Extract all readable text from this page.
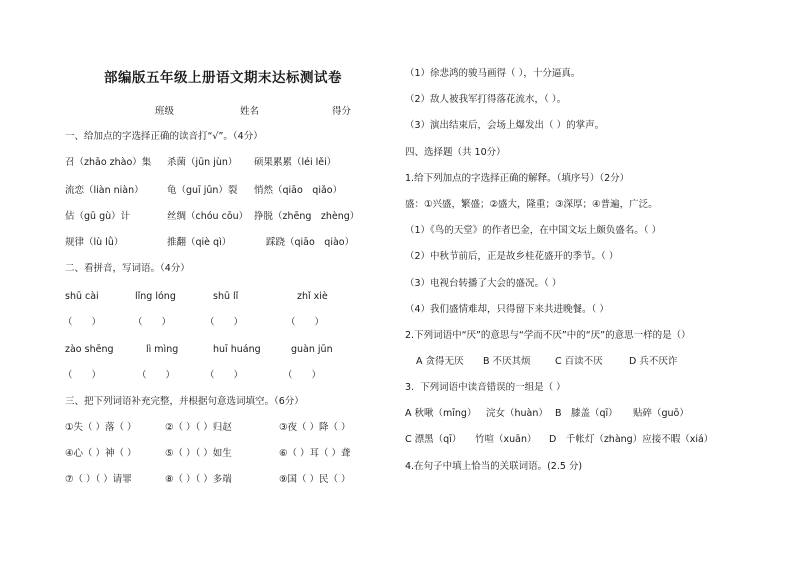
部编版五年级上册语文期末达标测试卷
班级	姓名	得分
一、给加点的字选择正确的读音打“√”。（4分）
召（zhāo zhào）集 杀菌（jūn jùn） 硕果累累（léi lěi）
流恋（liàn niàn） 龟（guī jūn）裂 悄然（qiāo　qiǎo）
估（gū gù）计	丝绸（chóu cōu） 挣脱（zhēng　zhèng）
规律（lù lǜ）	推翻（qiè qì）	踩跷（qiāo　qiào）
二、看拼音，写词语。（4分）
shū cài	lǐng lóng	shū lǐ	zhǐ xiè
（　　）	（　　）	（　　）	（　　）
zào shēng	lì mìng	huī huáng	guàn jūn
（　　）	（　　）	（　　）	（　　）
三、把下列词语补充完整，并根据句意选词填空。（6分）
①失（ ）落（ ）	②（ ）（ ）归赵	③夜（ ）降（ ）
④心（ ）神（ ）	⑤（ ）（ ）如生	⑥（ ）耳（ ）聋
⑦（ ）（ ）请罪	⑧（ ）（ ）多端	⑨国（ ）民（ ）
（1）徐悲鸿的骏马画得（ ），十分逼真。
（2）敌人被我军打得落花流水，（ ）。
（3）演出结束后，会场上爆发出（ ）的掌声。
四、选择题（共 10分）
1.给下列加点的字选择正确的解释。（填序号）（2分）
盛：①兴盛，繁盛；②盛大，隆重；③深厚；④普遍，广泛。
（1）《鸟的天堂》的作者巴金，在中国文坛上颇负盛名。（ ）
（2）中秋节前后，正是故乡桂花盛开的季节。（ ）
（3）电视台转播了大会的盛况。（ ）
（4）我们盛情难却，只得留下来共进晚餐。（ ）
2.下列词语中“厌”的意思与“学而不厌”中的“厌”的意思一样的是（）
A 贪得无厌 B 不厌其烦	C 百读不厌	D 兵不厌诈
3.  下列词语中读音错误的一组是（ ）
A 秋啾（mīng） 浣女（huàn） B　膝盖（qī） 贴碎（guō）
C 漂黑（qī） 竹喧（xuān） D　千帐灯（zhàng）应接不暇（xiá）
4.在句子中填上恰当的关联词语。(2.5 分)
